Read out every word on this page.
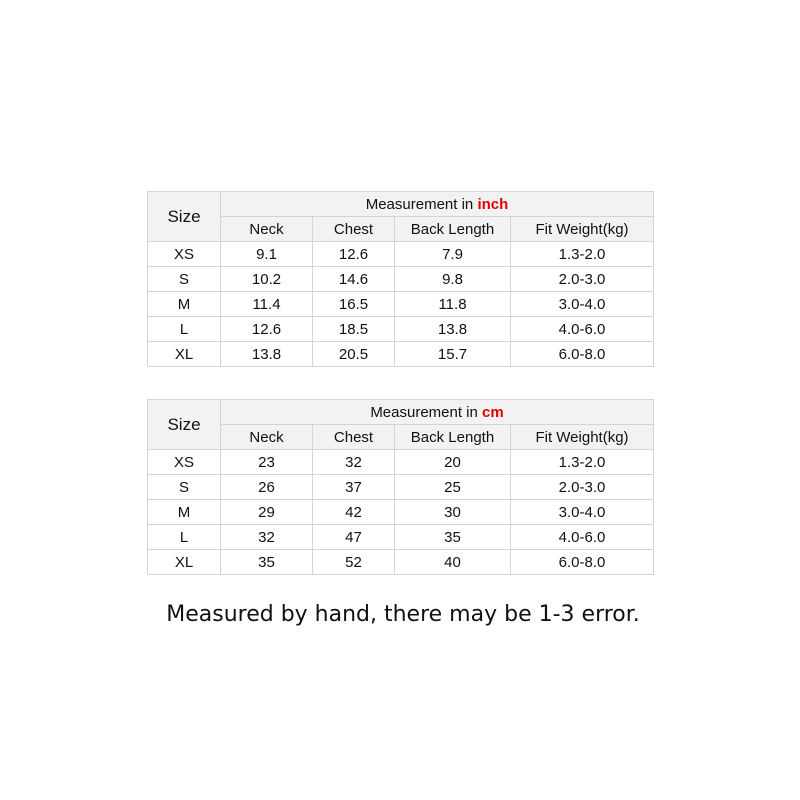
Size	Measurement in inch			
	Neck	Chest	Back Length	Fit Weight(kg)
XS	9.1	12.6	7.9	1.3-2.0
S	10.2	14.6	9.8	2.0-3.0
M	11.4	16.5	11.8	3.0-4.0
L	12.6	18.5	13.8	4.0-6.0
XL	13.8	20.5	15.7	6.0-8.0
Size	Measurement in cm			
	Neck	Chest	Back Length	Fit Weight(kg)
XS	23	32	20	1.3-2.0
S	26	37	25	2.0-3.0
M	29	42	30	3.0-4.0
L	32	47	35	4.0-6.0
XL	35	52	40	6.0-8.0

Measured by hand, there may be 1-3 error.
